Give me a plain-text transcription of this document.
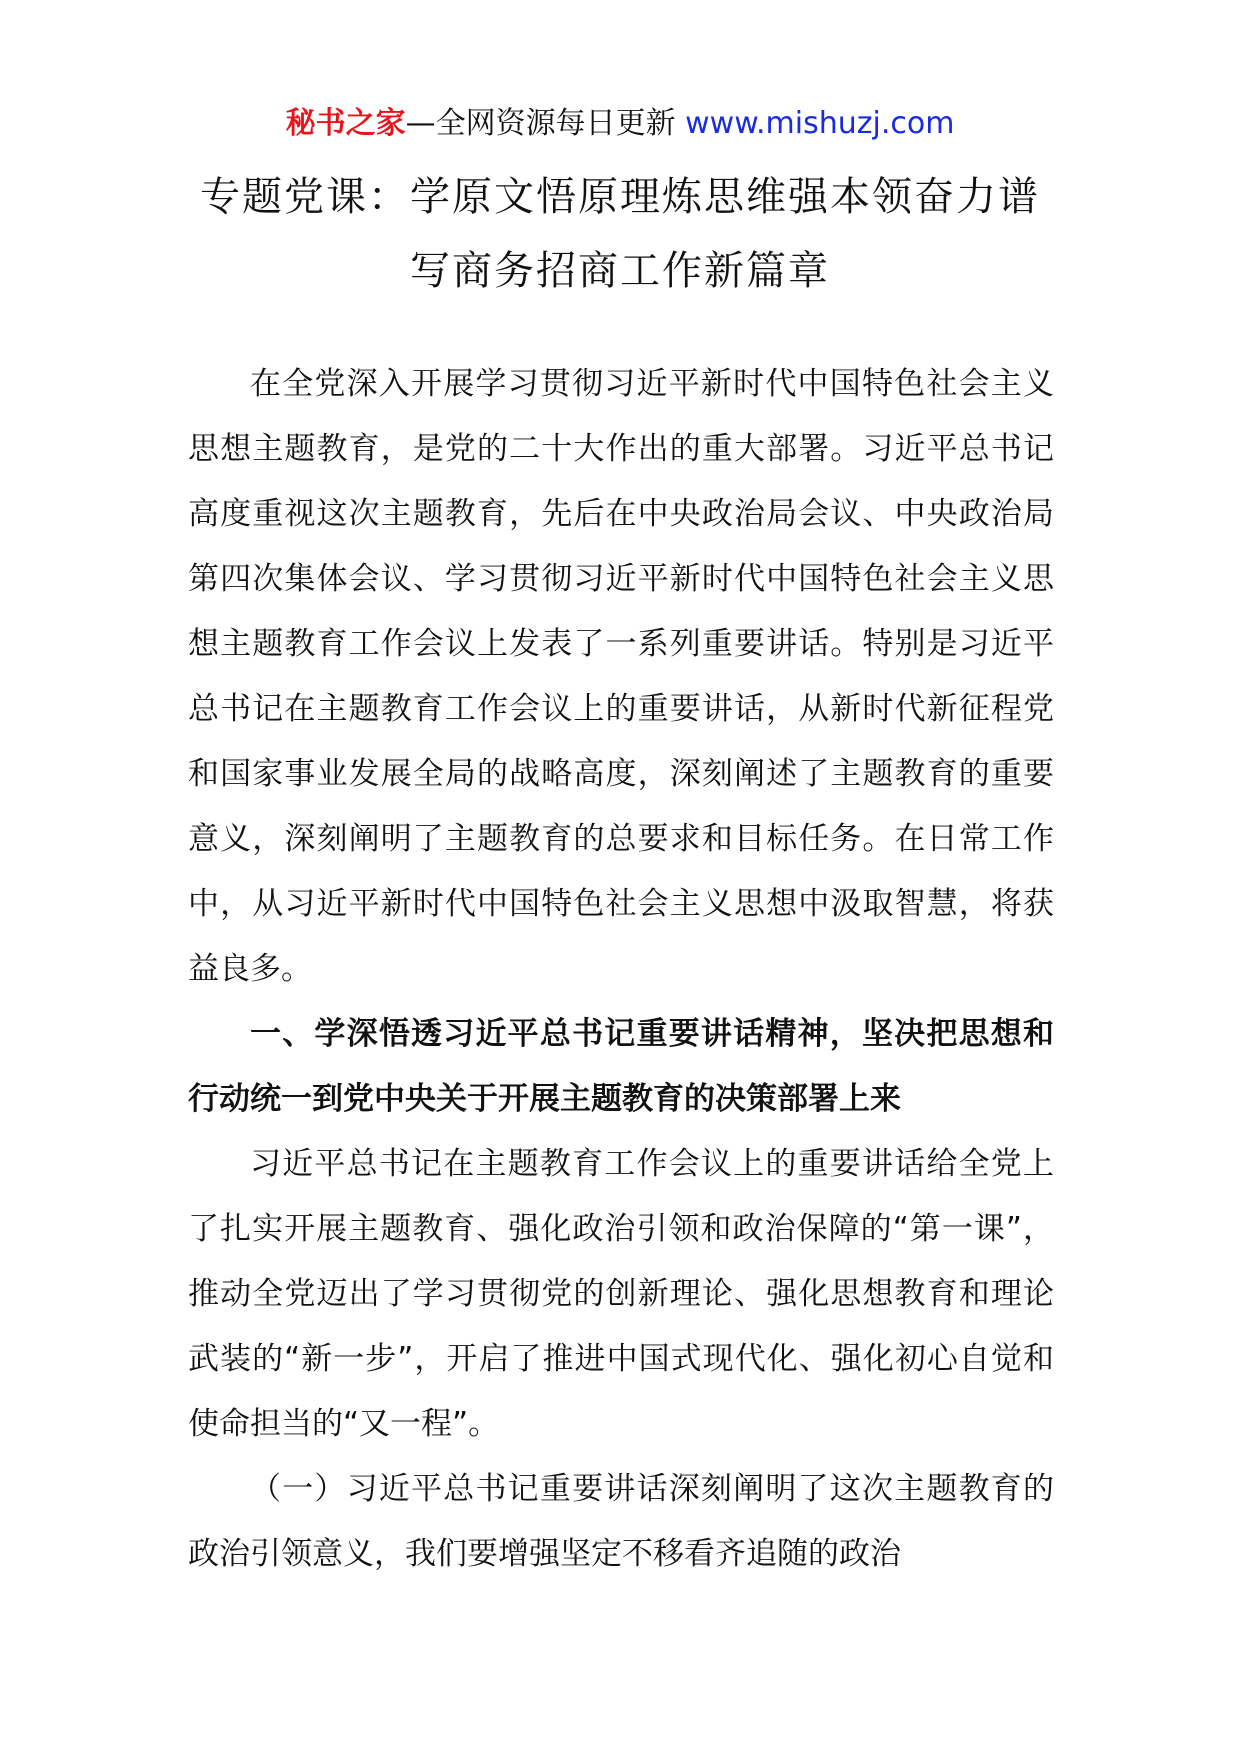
秘书之家—全网资源每日更新 www.mishuzj.com
专题党课：学原文悟原理炼思维强本领奋力谱
写商务招商工作新篇章

在全党深入开展学习贯彻习近平新时代中国特色社会主义思想主题教育，是党的二十大作出的重大部署。习近平总书记高度重视这次主题教育，先后在中央政治局会议、中央政治局第四次集体会议、学习贯彻习近平新时代中国特色社会主义思想主题教育工作会议上发表了一系列重要讲话。特别是习近平总书记在主题教育工作会议上的重要讲话，从新时代新征程党和国家事业发展全局的战略高度，深刻阐述了主题教育的重要意义，深刻阐明了主题教育的总要求和目标任务。在日常工作中，从习近平新时代中国特色社会主义思想中汲取智慧，将获益良多。

一、学深悟透习近平总书记重要讲话精神，坚决把思想和行动统一到党中央关于开展主题教育的决策部署上来

习近平总书记在主题教育工作会议上的重要讲话给全党上了扎实开展主题教育、强化政治引领和政治保障的“第一课”，推动全党迈出了学习贯彻党的创新理论、强化思想教育和理论武装的“新一步”，开启了推进中国式现代化、强化初心自觉和使命担当的“又一程”。

（一）习近平总书记重要讲话深刻阐明了这次主题教育的政治引领意义，我们要增强坚定不移看齐追随的政治
